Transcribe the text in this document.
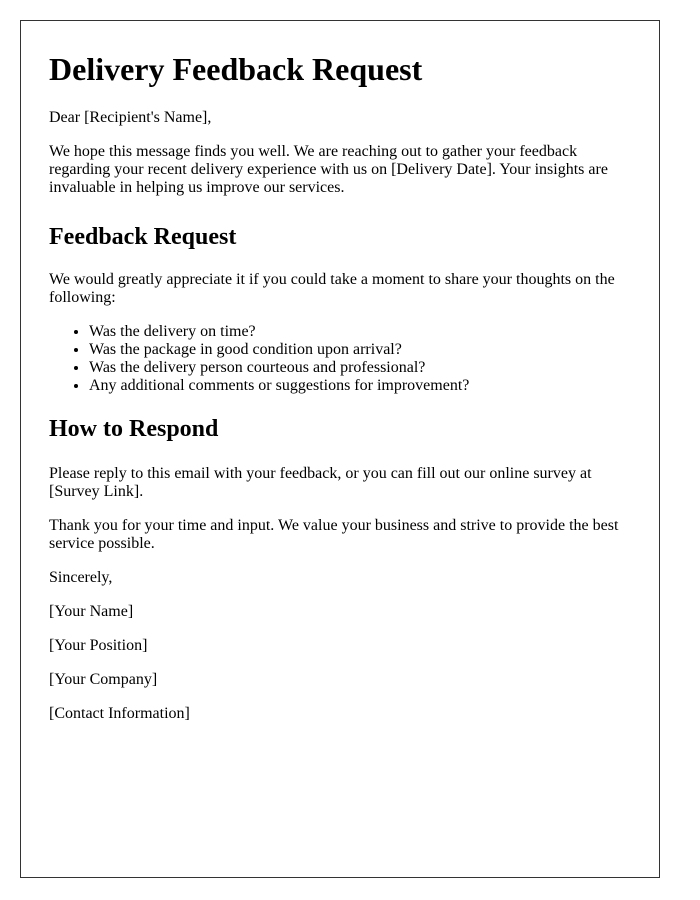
Delivery Feedback Request

Dear [Recipient's Name],

We hope this message finds you well. We are reaching out to gather your feedback regarding your recent delivery experience with us on [Delivery Date]. Your insights are invaluable in helping us improve our services.

Feedback Request

We would greatly appreciate it if you could take a moment to share your thoughts on the following:

• Was the delivery on time?
• Was the package in good condition upon arrival?
• Was the delivery person courteous and professional?
• Any additional comments or suggestions for improvement?
How to Respond

Please reply to this email with your feedback, or you can fill out our online survey at [Survey Link].

Thank you for your time and input. We value your business and strive to provide the best service possible.

Sincerely,

[Your Name]

[Your Position]

[Your Company]

[Contact Information]
